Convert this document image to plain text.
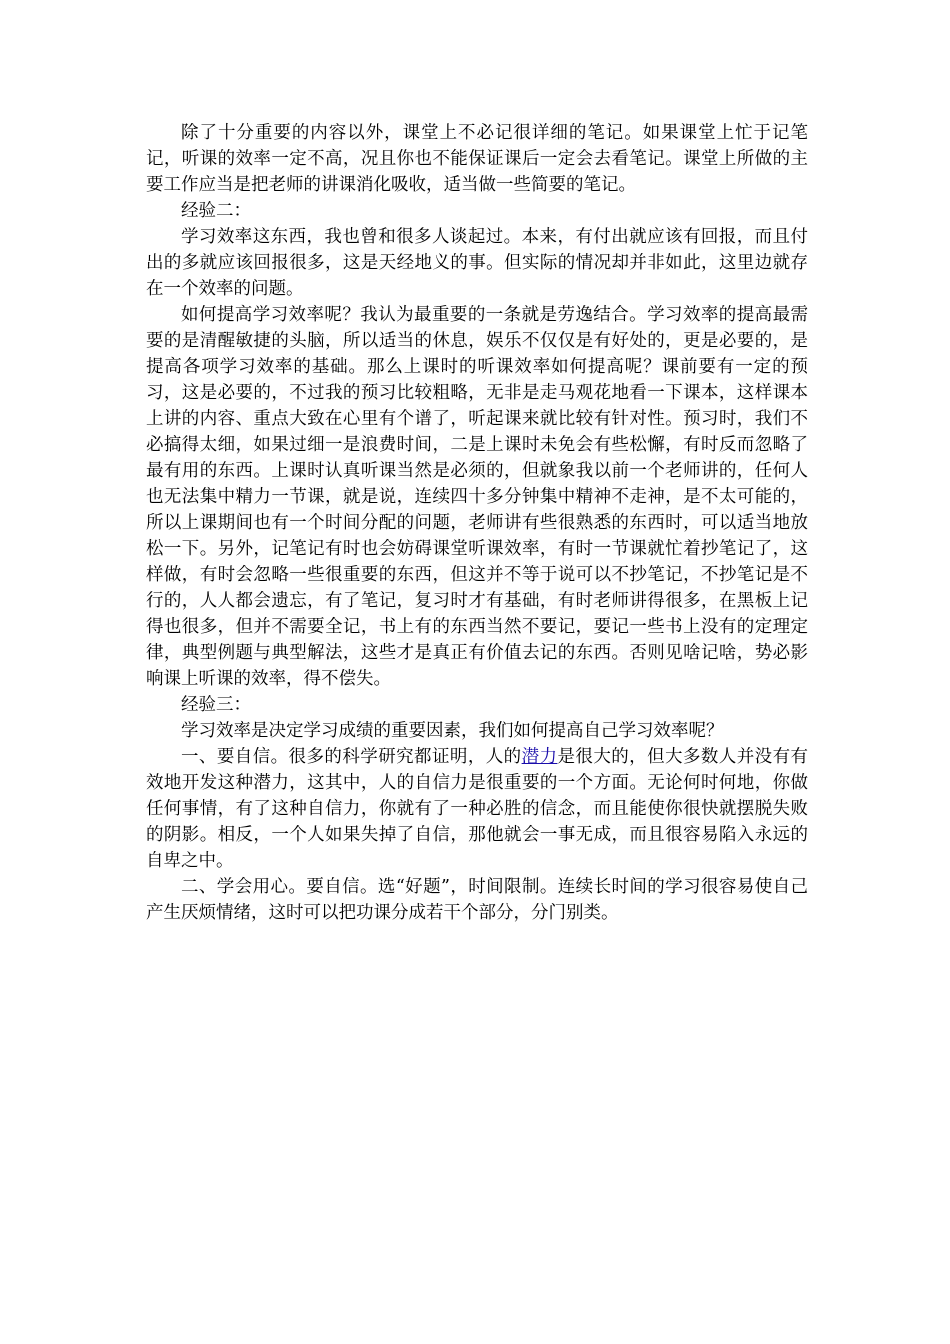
除了十分重要的内容以外，课堂上不必记很详细的笔记。如果课堂上忙于记笔记，听课的效率一定不高，况且你也不能保证课后一定会去看笔记。课堂上所做的主要工作应当是把老师的讲课消化吸收，适当做一些简要的笔记。

经验二：

学习效率这东西，我也曾和很多人谈起过。本来，有付出就应该有回报，而且付出的多就应该回报很多，这是天经地义的事。但实际的情况却并非如此，这里边就存在一个效率的问题。

如何提高学习效率呢？我认为最重要的一条就是劳逸结合。学习效率的提高最需要的是清醒敏捷的头脑，所以适当的休息，娱乐不仅仅是有好处的，更是必要的，是提高各项学习效率的基础。那么上课时的听课效率如何提高呢？课前要有一定的预习，这是必要的，不过我的预习比较粗略，无非是走马观花地看一下课本，这样课本上讲的内容、重点大致在心里有个谱了，听起课来就比较有针对性。预习时，我们不必搞得太细，如果过细一是浪费时间，二是上课时未免会有些松懈，有时反而忽略了最有用的东西。上课时认真听课当然是必须的，但就象我以前一个老师讲的，任何人也无法集中精力一节课，就是说，连续四十多分钟集中精神不走神，是不太可能的，所以上课期间也有一个时间分配的问题，老师讲有些很熟悉的东西时，可以适当地放松一下。另外，记笔记有时也会妨碍课堂听课效率，有时一节课就忙着抄笔记了，这样做，有时会忽略一些很重要的东西，但这并不等于说可以不抄笔记，不抄笔记是不行的，人人都会遗忘，有了笔记，复习时才有基础，有时老师讲得很多，在黑板上记得也很多，但并不需要全记，书上有的东西当然不要记，要记一些书上没有的定理定律，典型例题与典型解法，这些才是真正有价值去记的东西。否则见啥记啥，势必影响课上听课的效率，得不偿失。

经验三：

学习效率是决定学习成绩的重要因素，我们如何提高自己学习效率呢？

一、要自信。很多的科学研究都证明，人的潜力是很大的，但大多数人并没有有效地开发这种潜力，这其中，人的自信力是很重要的一个方面。无论何时何地，你做任何事情，有了这种自信力，你就有了一种必胜的信念，而且能使你很快就摆脱失败的阴影。相反，一个人如果失掉了自信，那他就会一事无成，而且很容易陷入永远的自卑之中。

二、学会用心。要自信。选“好题”，时间限制。连续长时间的学习很容易使自己产生厌烦情绪，这时可以把功课分成若干个部分，分门别类。
